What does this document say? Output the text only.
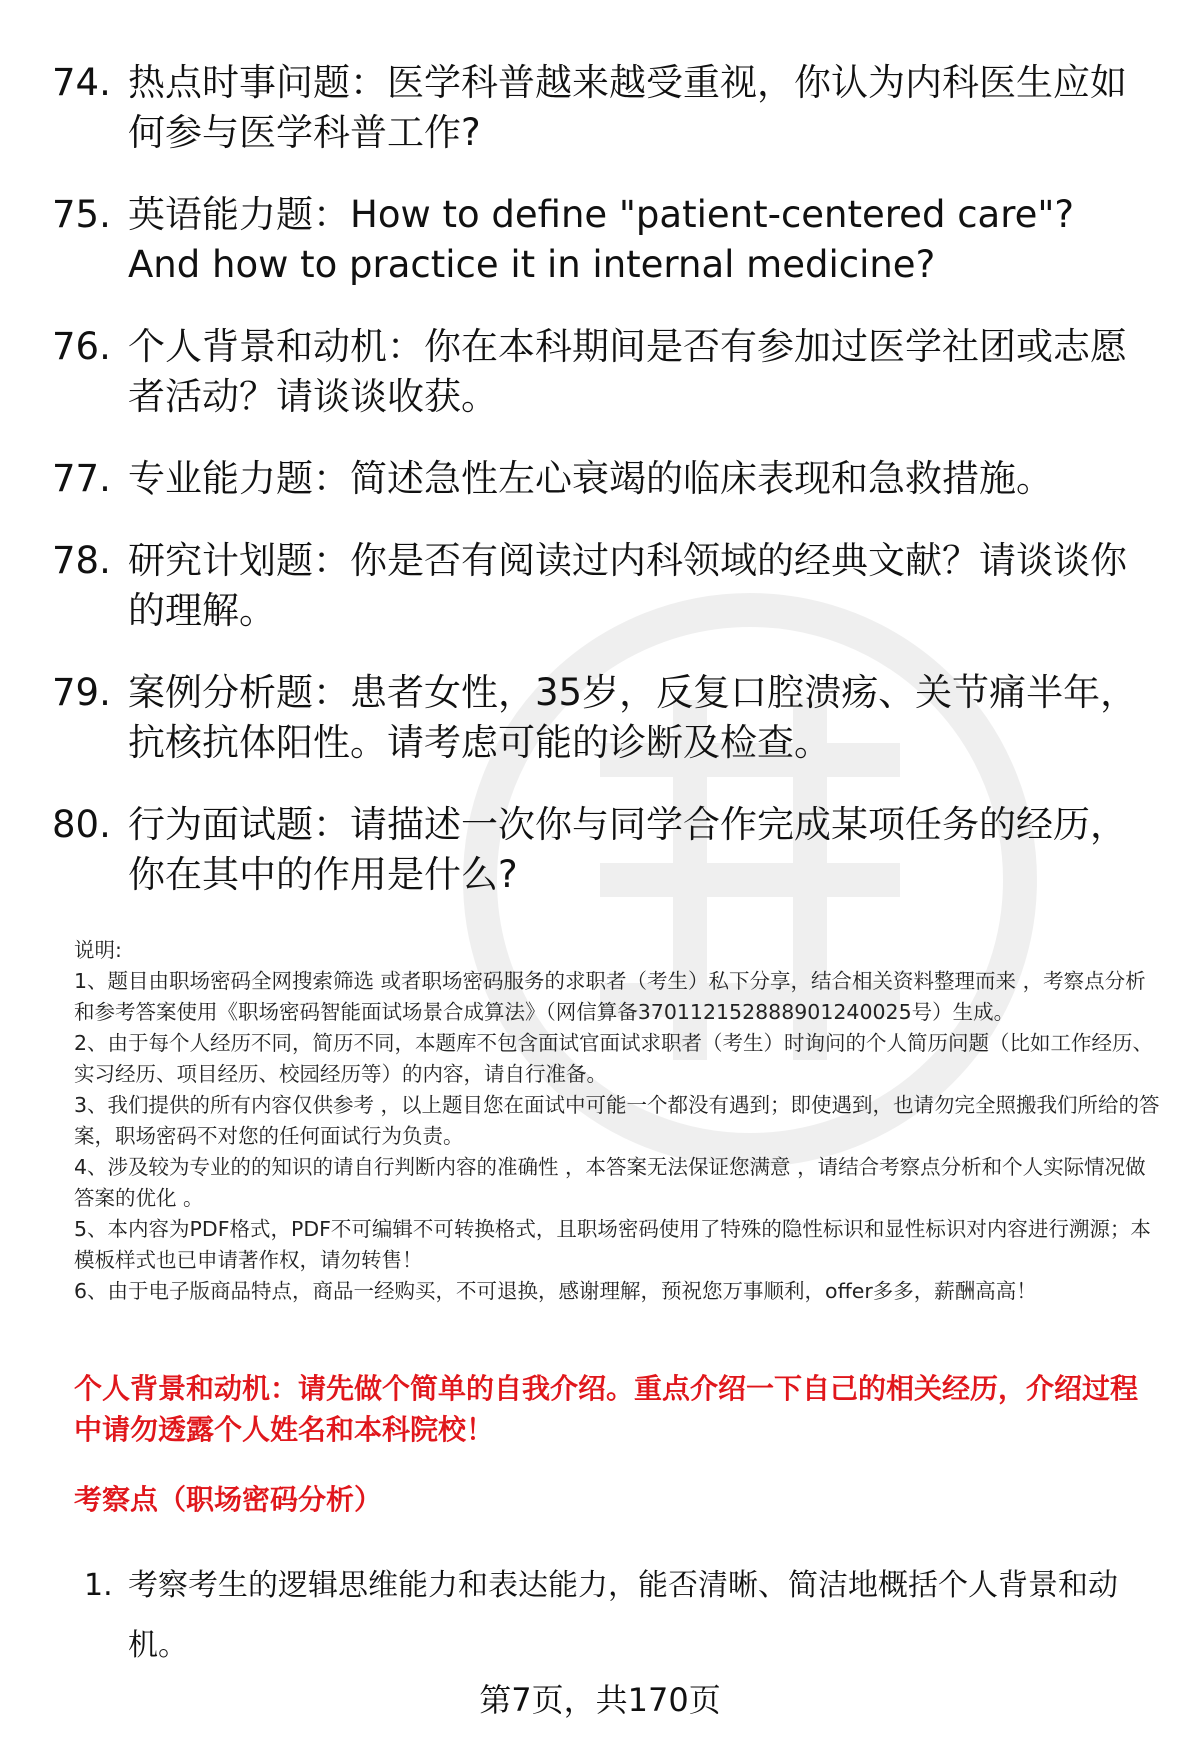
74. 热点时事问题：医学科普越来越受重视，你认为内科医生应如何参与医学科普工作?
75. 英语能力题：How to define "patient-centered care"? And how to practice it in internal medicine?
76. 个人背景和动机：你在本科期间是否有参加过医学社团或志愿者活动？请谈谈收获。
77. 专业能力题：简述急性左心衰竭的临床表现和急救措施。
78. 研究计划题：你是否有阅读过内科领域的经典文献？请谈谈你的理解。
79. 案例分析题：患者女性，35岁，反复口腔溃疡、关节痛半年，抗核抗体阳性。请考虑可能的诊断及检查。
80. 行为面试题：请描述一次你与同学合作完成某项任务的经历，你在其中的作用是什么?

说明:

1、题目由职场密码全网搜索筛选 或者职场密码服务的求职者（考生）私下分享，结合相关资料整理而来 ，考察点分析和参考答案使用《职场密码智能面试场景合成算法》（网信算备370112152888901240025号）生成。

2、由于每个人经历不同，简历不同，本题库不包含面试官面试求职者（考生）时询问的个人简历问题（比如工作经历、实习经历、项目经历、校园经历等）的内容，请自行准备。

3、我们提供的所有内容仅供参考 ，以上题目您在面试中可能一个都没有遇到；即使遇到，也请勿完全照搬我们所给的答案，职场密码不对您的任何面试行为负责。

4、涉及较为专业的的知识的请自行判断内容的准确性 ，本答案无法保证您满意 ，请结合考察点分析和个人实际情况做答案的优化 。

5、本内容为PDF格式，PDF不可编辑不可转换格式，且职场密码使用了特殊的隐性标识和显性标识对内容进行溯源；本模板样式也已申请著作权，请勿转售！

6、由于电子版商品特点，商品一经购买，不可退换，感谢理解，预祝您万事顺利，offer多多，薪酬高高！

个人背景和动机：请先做个简单的自我介绍。重点介绍一下自己的相关经历，介绍过程中请勿透露个人姓名和本科院校！
考察点（职场密码分析）
1. 考察考生的逻辑思维能力和表达能力，能否清晰、简洁地概括个人背景和动机。
第7页，共170页
